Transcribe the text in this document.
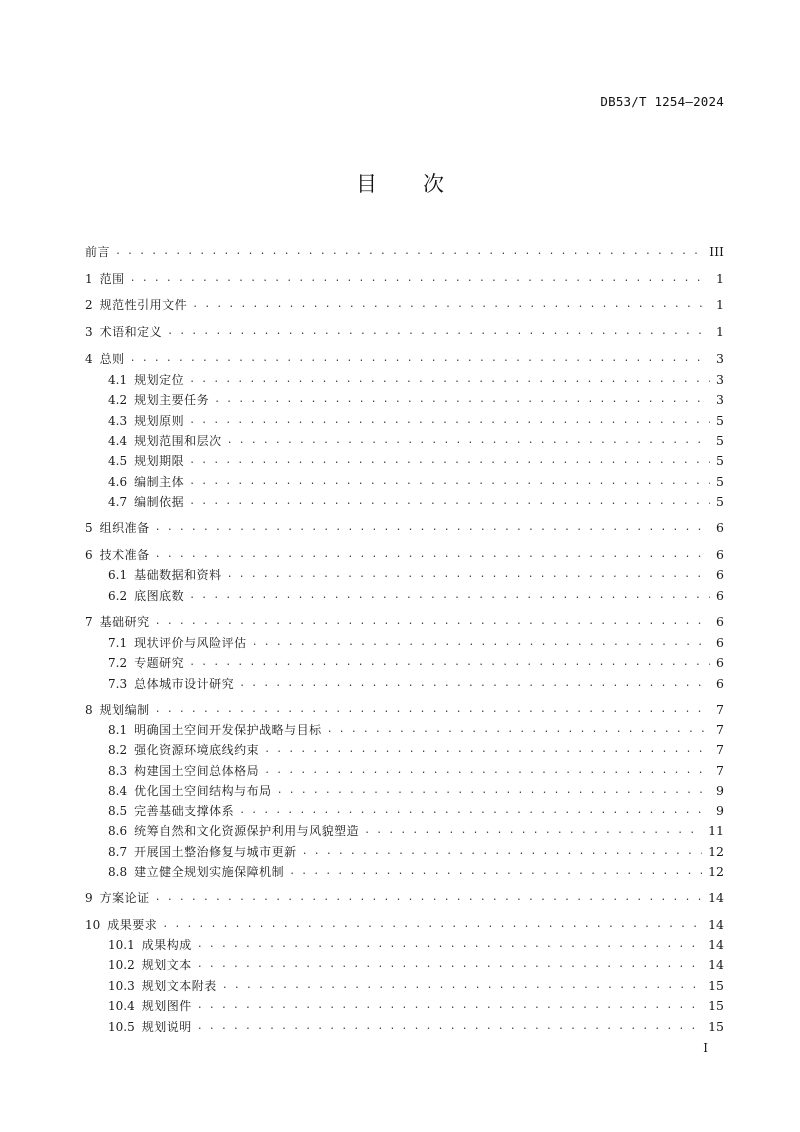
DB53/T 1254—2024
目 次
前言 . . .	III
1 范围 . . .	1
2 规范性引用文件 . . .	1
3 术语和定义 . . .	1
4 总则 . . .	3
4.1 规划定位 . . .	3
4.2 规划主要任务 . . .	3
4.3 规划原则 . . .	5
4.4 规划范围和层次 . . .	5
4.5 规划期限 . . .	5
4.6 编制主体 . . .	5
4.7 编制依据 . . .	5
5 组织准备 . . .	6
6 技术准备 . . .	6
6.1 基础数据和资料 . . .	6
6.2 底图底数 . . .	6
7 基础研究 . . .	6
7.1 现状评价与风险评估 . . .	6
7.2 专题研究 . . .	6
7.3 总体城市设计研究 . . .	6
8 规划编制 . . .	7
8.1 明确国土空间开发保护战略与目标 . . .	7
8.2 强化资源环境底线约束 . . .	7
8.3 构建国土空间总体格局 . . .	7
8.4 优化国土空间结构与布局 . . .	9
8.5 完善基础支撑体系 . . .	9
8.6 统筹自然和文化资源保护利用与风貌塑造 . . .	11
8.7 开展国土整治修复与城市更新 . . .	12
8.8 建立健全规划实施保障机制 . . .	12
9 方案论证 . . .	14
10 成果要求 . . .	14
10.1 成果构成 . . .	14
10.2 规划文本 . . .	14
10.3 规划文本附表 . . .	15
10.4 规划图件 . . .	15
10.5 规划说明 . . .	15
I
